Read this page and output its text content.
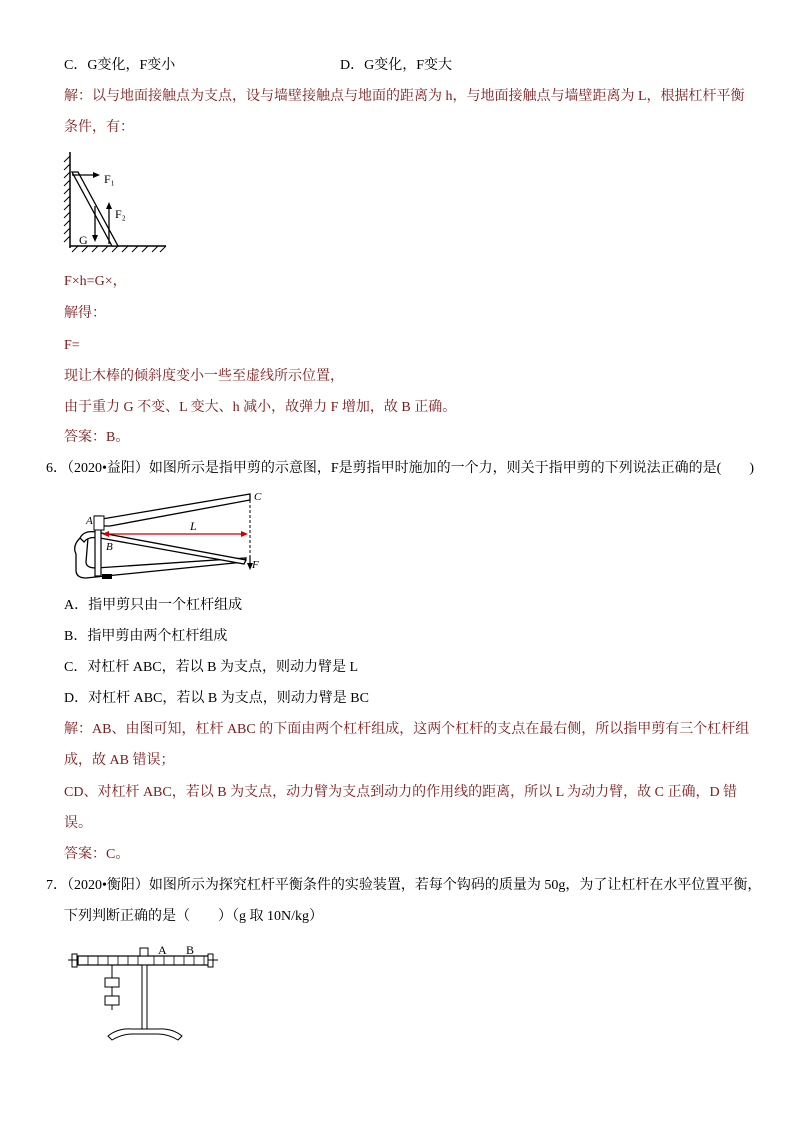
C．G变化，F变小	D．G变化，F变大
解：以与地面接触点为支点，设与墙壁接触点与地面的距离为 h，与地面接触点与墙壁距离为 L，根据杠杆平衡
条件，有：
F₁
F₂
G
F×h=G×，
解得：
F=
现让木棒的倾斜度变小一些至虚线所示位置，
由于重力 G 不变、L 变大、h 减小，故弹力 F 增加，故 B 正确。
答案：B。
6．（2020•益阳）如图所示是指甲剪的示意图，F是剪指甲时施加的一个力，则关于指甲剪的下列说法正确的是(　　)
L
A
B
C
F
A．指甲剪只由一个杠杆组成
B．指甲剪由两个杠杆组成
C．对杠杆 ABC，若以 B 为支点，则动力臂是 L
D．对杠杆 ABC，若以 B 为支点，则动力臂是 BC
解：AB、由图可知，杠杆 ABC 的下面由两个杠杆组成，这两个杠杆的支点在最右侧，所以指甲剪有三个杠杆组
成，故 AB 错误；
CD、对杠杆 ABC，若以 B 为支点，动力臂为支点到动力的作用线的距离，所以 L 为动力臂，故 C 正确，D 错
误。
答案：C。
7．（2020•衡阳）如图所示为探究杠杆平衡条件的实验装置，若每个钩码的质量为 50g，为了让杠杆在水平位置平衡，
下列判断正确的是（　　）（g 取 10N/kg）
A B
